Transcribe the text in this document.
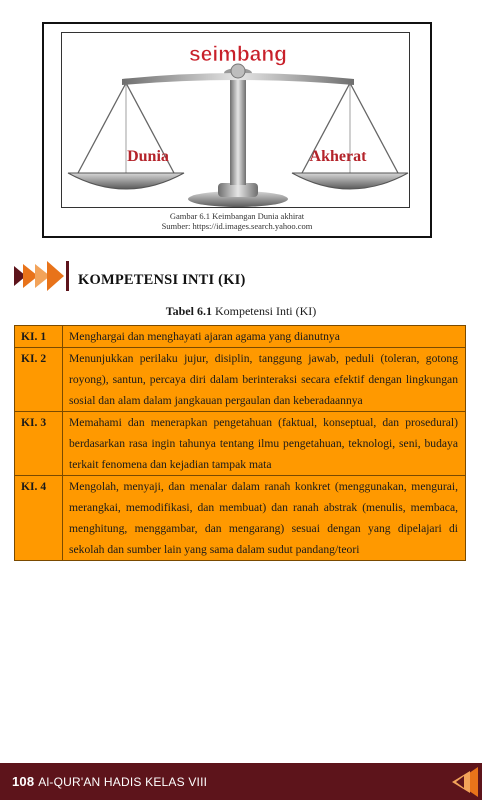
seimbang
Dunia	Akherat
Gambar 6.1 Keimbangan Dunia akhirat
Sumber: https://id.images.search.yahoo.com
KOMPETENSI INTI (KI)
Tabel 6.1 Kompetensi Inti (KI)
KI. 1	Menghargai dan menghayati ajaran agama yang dianutnya
KI. 2	Menunjukkan perilaku jujur, disiplin, tanggung jawab, peduli (toleran, gotong royong), santun, percaya diri dalam berinteraksi secara efektif dengan lingkungan sosial dan alam dalam jangkauan pergaulan dan keberadaannya
KI. 3	Memahami dan menerapkan pengetahuan (faktual, konseptual, dan prosedural) berdasarkan rasa ingin tahunya tentang ilmu pengetahuan, teknologi, seni, budaya terkait fenomena dan kejadian tampak mata
KI. 4	Mengolah, menyaji, dan menalar dalam ranah konkret (menggunakan, mengurai, merangkai, memodifikasi, dan membuat) dan ranah abstrak (menulis, membaca, menghitung, menggambar, dan mengarang) sesuai dengan yang dipelajari di sekolah dan sumber lain yang sama dalam sudut pandang/teori
108 Al-QUR'AN HADIS KELAS VIII
